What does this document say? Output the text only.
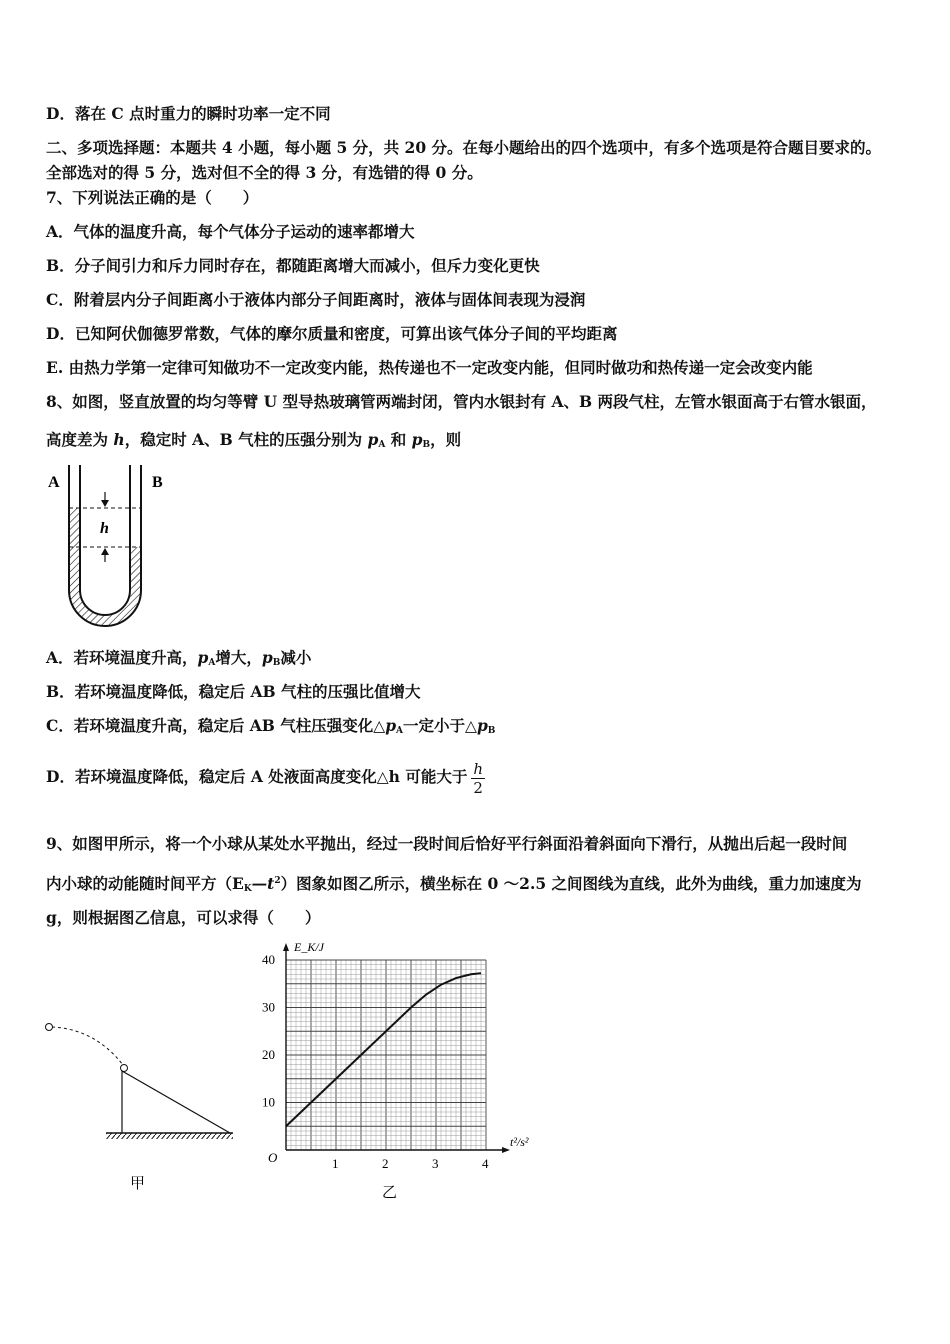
D．落在 C 点时重力的瞬时功率一定不同
二、多项选择题：本题共 4 小题，每小题 5 分，共 20 分。在每小题给出的四个选项中，有多个选项是符合题目要求的。
全部选对的得 5 分，选对但不全的得 3 分，有选错的得 0 分。
7、下列说法正确的是（　　）
A．气体的温度升高，每个气体分子运动的速率都增大
B．分子间引力和斥力同时存在，都随距离增大而减小，但斥力变化更快
C．附着层内分子间距离小于液体内部分子间距离时，液体与固体间表现为浸润
D．已知阿伏伽德罗常数，气体的摩尔质量和密度，可算出该气体分子间的平均距离
E. 由热力学第一定律可知做功不一定改变内能，热传递也不一定改变内能，但同时做功和热传递一定会改变内能
8、如图，竖直放置的均匀等臂 U 型导热玻璃管两端封闭，管内水银封有 A、B 两段气柱，左管水银面高于右管水银面，
高度差为 h，稳定时 A、B 气柱的压强分别为 $p_A$ 和 $p_B$，则
A	B
h
A．若环境温度升高，$p_A$增大，$p_B$减小
B．若环境温度降低，稳定后 AB 气柱的压强比值增大
C．若环境温度升高，稳定后 AB 气柱压强变化$\triangle p_A$一定小于$\triangle p_B$
D．若环境温度降低，稳定后 A 处液面高度变化△h 可能大于 $\frac{h}{2}$
9、如图甲所示，将一个小球从某处水平抛出，经过一段时间后恰好平行斜面沿着斜面向下滑行，从抛出后起一段时间
内小球的动能随时间平方$(E_K—t^2)$图象如图乙所示，横坐标在 0 ～2.5 之间图线为直线，此外为曲线，重力加速度为
g，则根据图乙信息，可以求得（　　）
甲
1	2	3	4
10
20
30
40
O
E_K/J
t²/s²
乙
